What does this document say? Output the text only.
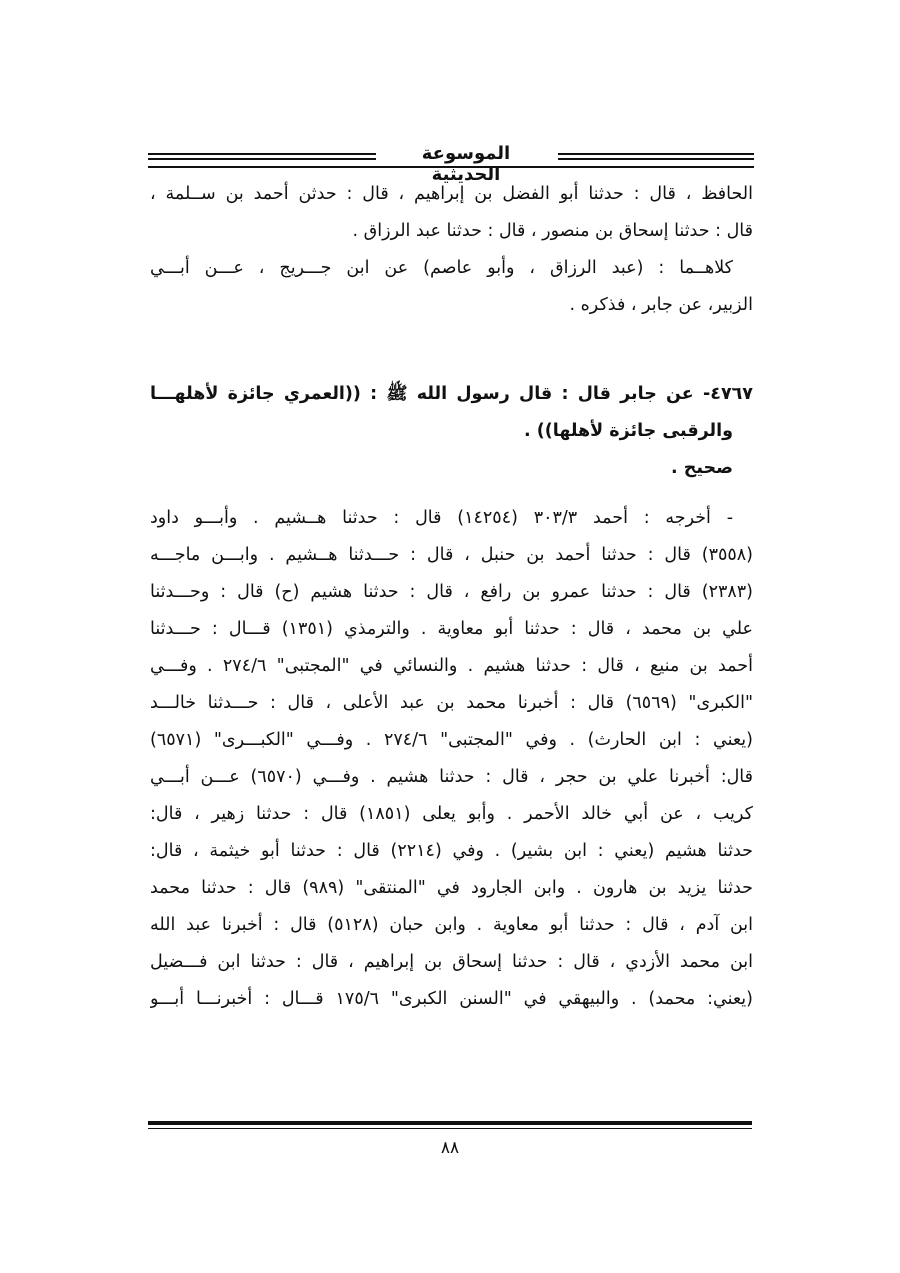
الموسوعة الحديثية
الحافظ ، قال : حدثنا أبو الفضل بن إبراهيم ، قال : حدثن أحمد بن ســلمة ،
قال : حدثنا إسحاق بن منصور ، قال : حدثنا عبد الرزاق .
كلاهــما : (عبد الرزاق ، وأبو عاصم) عن ابن جـــريج ، عـــن أبـــي
الزبير، عن جابر ، فذكره .
٤٧٦٧- عن جابر قال : قال رسول الله ﷺ : ((العمري جائزة لأهلهـــا
والرقبى جائزة لأهلها)) .
صحيح .
- أخرجه : أحمد ٣٠٣/٣ (١٤٢٥٤) قال : حدثنا هــشيم . وأبـــو داود
(٣٥٥٨) قال : حدثنا أحمد بن حنبل ، قال : حـــدثنا هــشيم . وابـــن ماجـــه
(٢٣٨٣) قال : حدثنا عمرو بن رافع ، قال : حدثنا هشيم (ح) قال : وحـــدثنا
علي بن محمد ، قال : حدثنا أبو معاوية . والترمذي (١٣٥١) قـــال : حـــدثنا
أحمد بن منيع ، قال : حدثنا هشيم . والنسائي في "المجتبى" ٢٧٤/٦ . وفـــي
"الكبرى" (٦٥٦٩) قال : أخبرنا محمد بن عبد الأعلى ، قال : حـــدثنا خالـــد
(يعني : ابن الحارث) . وفي "المجتبى" ٢٧٤/٦ . وفـــي "الكبـــرى" (٦٥٧١)
قال: أخبرنا علي بن حجر ، قال : حدثنا هشيم . وفـــي (٦٥٧٠) عـــن أبـــي
كريب ، عن أبي خالد الأحمر . وأبو يعلى (١٨٥١) قال : حدثنا زهير ، قال:
حدثنا هشيم (يعني : ابن بشير) . وفي (٢٢١٤) قال : حدثنا أبو خيثمة ، قال:
حدثنا يزيد بن هارون . وابن الجارود في "المنتقى" (٩٨٩) قال : حدثنا محمد
ابن آدم ، قال : حدثنا أبو معاوية . وابن حبان (٥١٢٨) قال : أخبرنا عبد الله
ابن محمد الأزدي ، قال : حدثنا إسحاق بن إبراهيم ، قال : حدثنا ابن فـــضيل
(يعني: محمد) . والبيهقي في "السنن الكبرى" ١٧٥/٦ قـــال : أخبرنـــا أبـــو
٨٨
